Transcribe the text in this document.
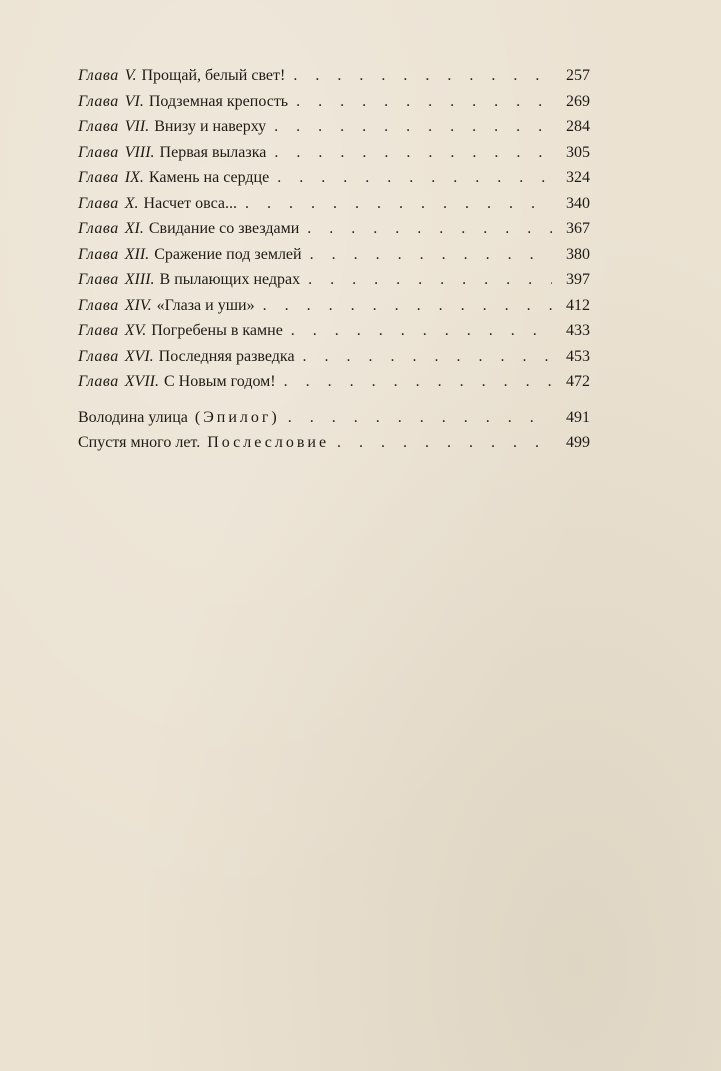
Глава V. Прощай, белый свет! . . .	257
Глава VI. Подземная крепость . . .	269
Глава VII. Внизу и наверху . . .	284
Глава VIII. Первая вылазка . . .	305
Глава IX. Камень на сердце . . .	324
Глава X. Насчет овса... . . .	340
Глава XI. Свидание со звездами . . .	367
Глава XII. Сражение под землей . . .	380
Глава XIII. В пылающих недрах . . .	397
Глава XIV. «Глаза и уши» . . .	412
Глава XV. Погребены в камне . . .	433
Глава XVI. Последняя разведка . . .	453
Глава XVII. С Новым годом! . . .	472
Володина улица (Эпилог) . . .	491
Спустя много лет. Послесловие . . .	499
